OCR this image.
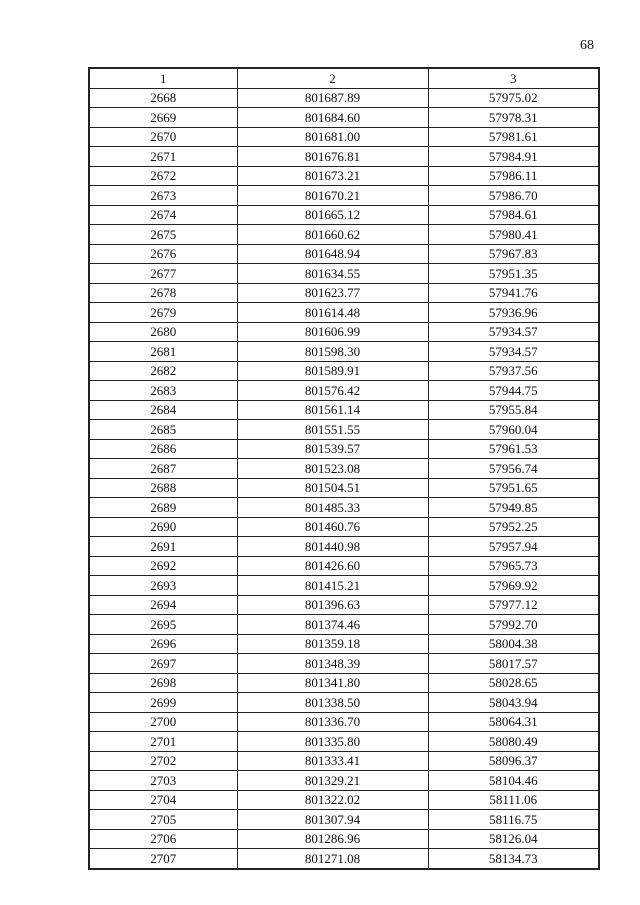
68
1	2	3
2668	801687.89	57975.02
2669	801684.60	57978.31
2670	801681.00	57981.61
2671	801676.81	57984.91
2672	801673.21	57986.11
2673	801670.21	57986.70
2674	801665.12	57984.61
2675	801660.62	57980.41
2676	801648.94	57967.83
2677	801634.55	57951.35
2678	801623.77	57941.76
2679	801614.48	57936.96
2680	801606.99	57934.57
2681	801598.30	57934.57
2682	801589.91	57937.56
2683	801576.42	57944.75
2684	801561.14	57955.84
2685	801551.55	57960.04
2686	801539.57	57961.53
2687	801523.08	57956.74
2688	801504.51	57951.65
2689	801485.33	57949.85
2690	801460.76	57952.25
2691	801440.98	57957.94
2692	801426.60	57965.73
2693	801415.21	57969.92
2694	801396.63	57977.12
2695	801374.46	57992.70
2696	801359.18	58004.38
2697	801348.39	58017.57
2698	801341.80	58028.65
2699	801338.50	58043.94
2700	801336.70	58064.31
2701	801335.80	58080.49
2702	801333.41	58096.37
2703	801329.21	58104.46
2704	801322.02	58111.06
2705	801307.94	58116.75
2706	801286.96	58126.04
2707	801271.08	58134.73
